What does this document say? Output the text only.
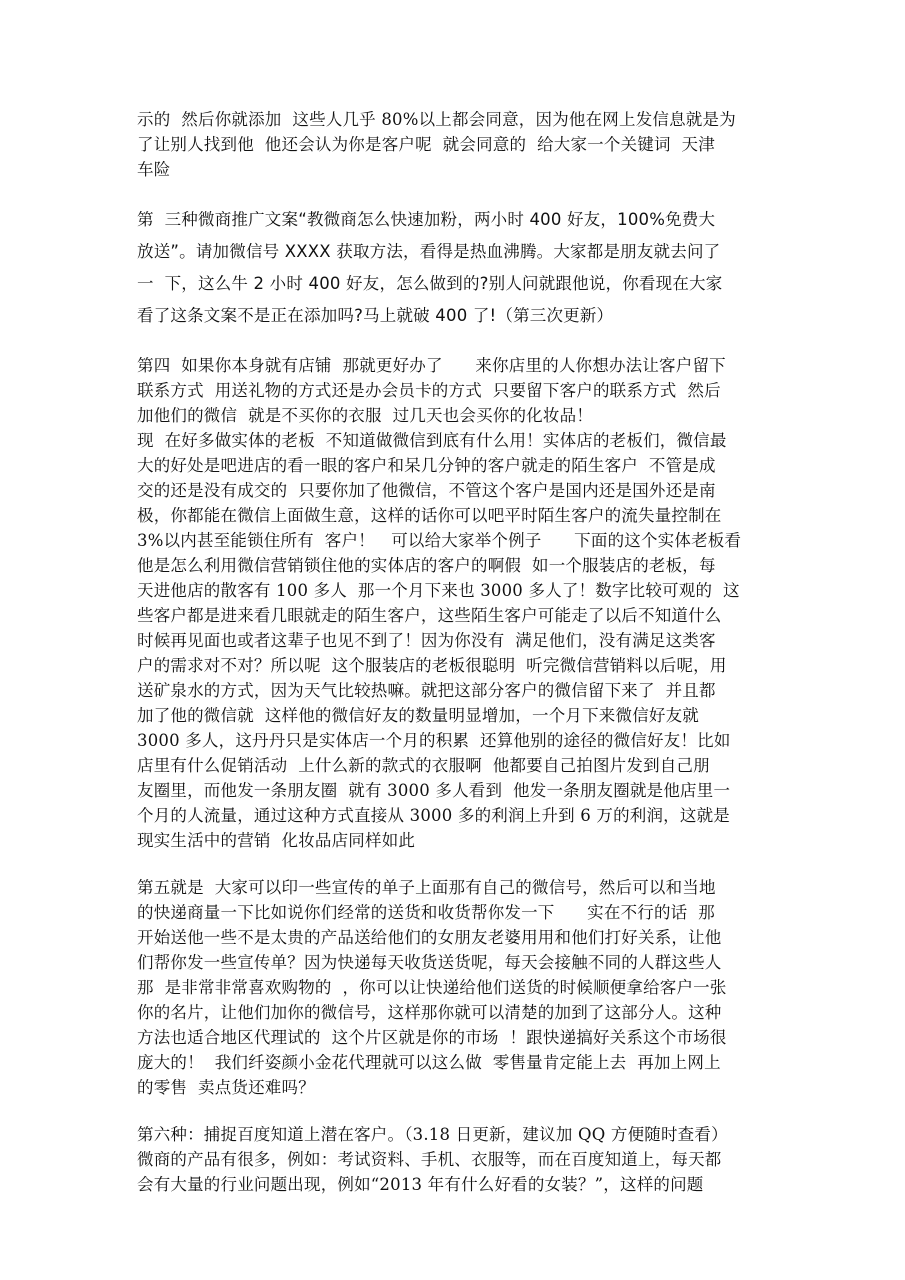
示的  然后你就添加  这些人几乎 80%以上都会同意，因为他在网上发信息就是为
了让别人找到他  他还会认为你是客户呢  就会同意的  给大家一个关键词  天津
车险
第  三种微商推广文案“教微商怎么快速加粉，两小时 400 好友，100%免费大
放送”。请加微信号 XXXX 获取方法，看得是热血沸腾。大家都是朋友就去问了
一  下，这么牛 2 小时 400 好友，怎么做到的?别人问就跟他说，你看现在大家
看了这条文案不是正在添加吗?马上就破 400 了!（第三次更新）
第四  如果你本身就有店铺  那就更好办了      来你店里的人你想办法让客户留下
联系方式  用送礼物的方式还是办会员卡的方式  只要留下客户的联系方式  然后
加他们的微信  就是不买你的衣服  过几天也会买你的化妆品！
现  在好多做实体的老板  不知道做微信到底有什么用！实体店的老板们，微信最
大的好处是吧进店的看一眼的客户和呆几分钟的客户就走的陌生客户  不管是成
交的还是没有成交的  只要你加了他微信，不管这个客户是国内还是国外还是南
极，你都能在微信上面做生意，这样的话你可以吧平时陌生客户的流失量控制在
3%以内甚至能锁住所有  客户！   可以给大家举个例子      下面的这个实体老板看
他是怎么利用微信营销锁住他的实体店的客户的啊假  如一个服装店的老板，每
天进他店的散客有 100 多人  那一个月下来也 3000 多人了！数字比较可观的  这
些客户都是进来看几眼就走的陌生客户，这些陌生客户可能走了以后不知道什么
时候再见面也或者这辈子也见不到了！因为你没有  满足他们，没有满足这类客
户的需求对不对？所以呢  这个服装店的老板很聪明  听完微信营销料以后呢，用
送矿泉水的方式，因为天气比较热嘛。就把这部分客户的微信留下来了  并且都
加了他的微信就  这样他的微信好友的数量明显增加，一个月下来微信好友就
3000 多人，这丹丹只是实体店一个月的积累  还算他别的途径的微信好友！比如
店里有什么促销活动  上什么新的款式的衣服啊  他都要自己拍图片发到自己朋
友圈里，而他发一条朋友圈  就有 3000 多人看到  他发一条朋友圈就是他店里一
个月的人流量，通过这种方式直接从 3000 多的利润上升到 6 万的利润，这就是
现实生活中的营销  化妆品店同样如此
第五就是  大家可以印一些宣传的单子上面那有自己的微信号，然后可以和当地
的快递商量一下比如说你们经常的送货和收货帮你发一下      实在不行的话  那
开始送他一些不是太贵的产品送给他们的女朋友老婆用用和他们打好关系，让他
们帮你发一些宣传单？因为快递每天收货送货呢，每天会接触不同的人群这些人
那  是非常非常喜欢购物的  ，你可以让快递给他们送货的时候顺便拿给客户一张
你的名片，让他们加你的微信号，这样那你就可以清楚的加到了这部分人。这种
方法也适合地区代理试的  这个片区就是你的市场  ！跟快递搞好关系这个市场很
庞大的！  我们纤姿颜小金花代理就可以这么做  零售量肯定能上去  再加上网上
的零售  卖点货还难吗？
第六种：捕捉百度知道上潜在客户。（3.18 日更新，建议加 QQ 方便随时查看）
微商的产品有很多，例如：考试资料、手机、衣服等，而在百度知道上，每天都
会有大量的行业问题出现，例如“2013 年有什么好看的女装？”，这样的问题
